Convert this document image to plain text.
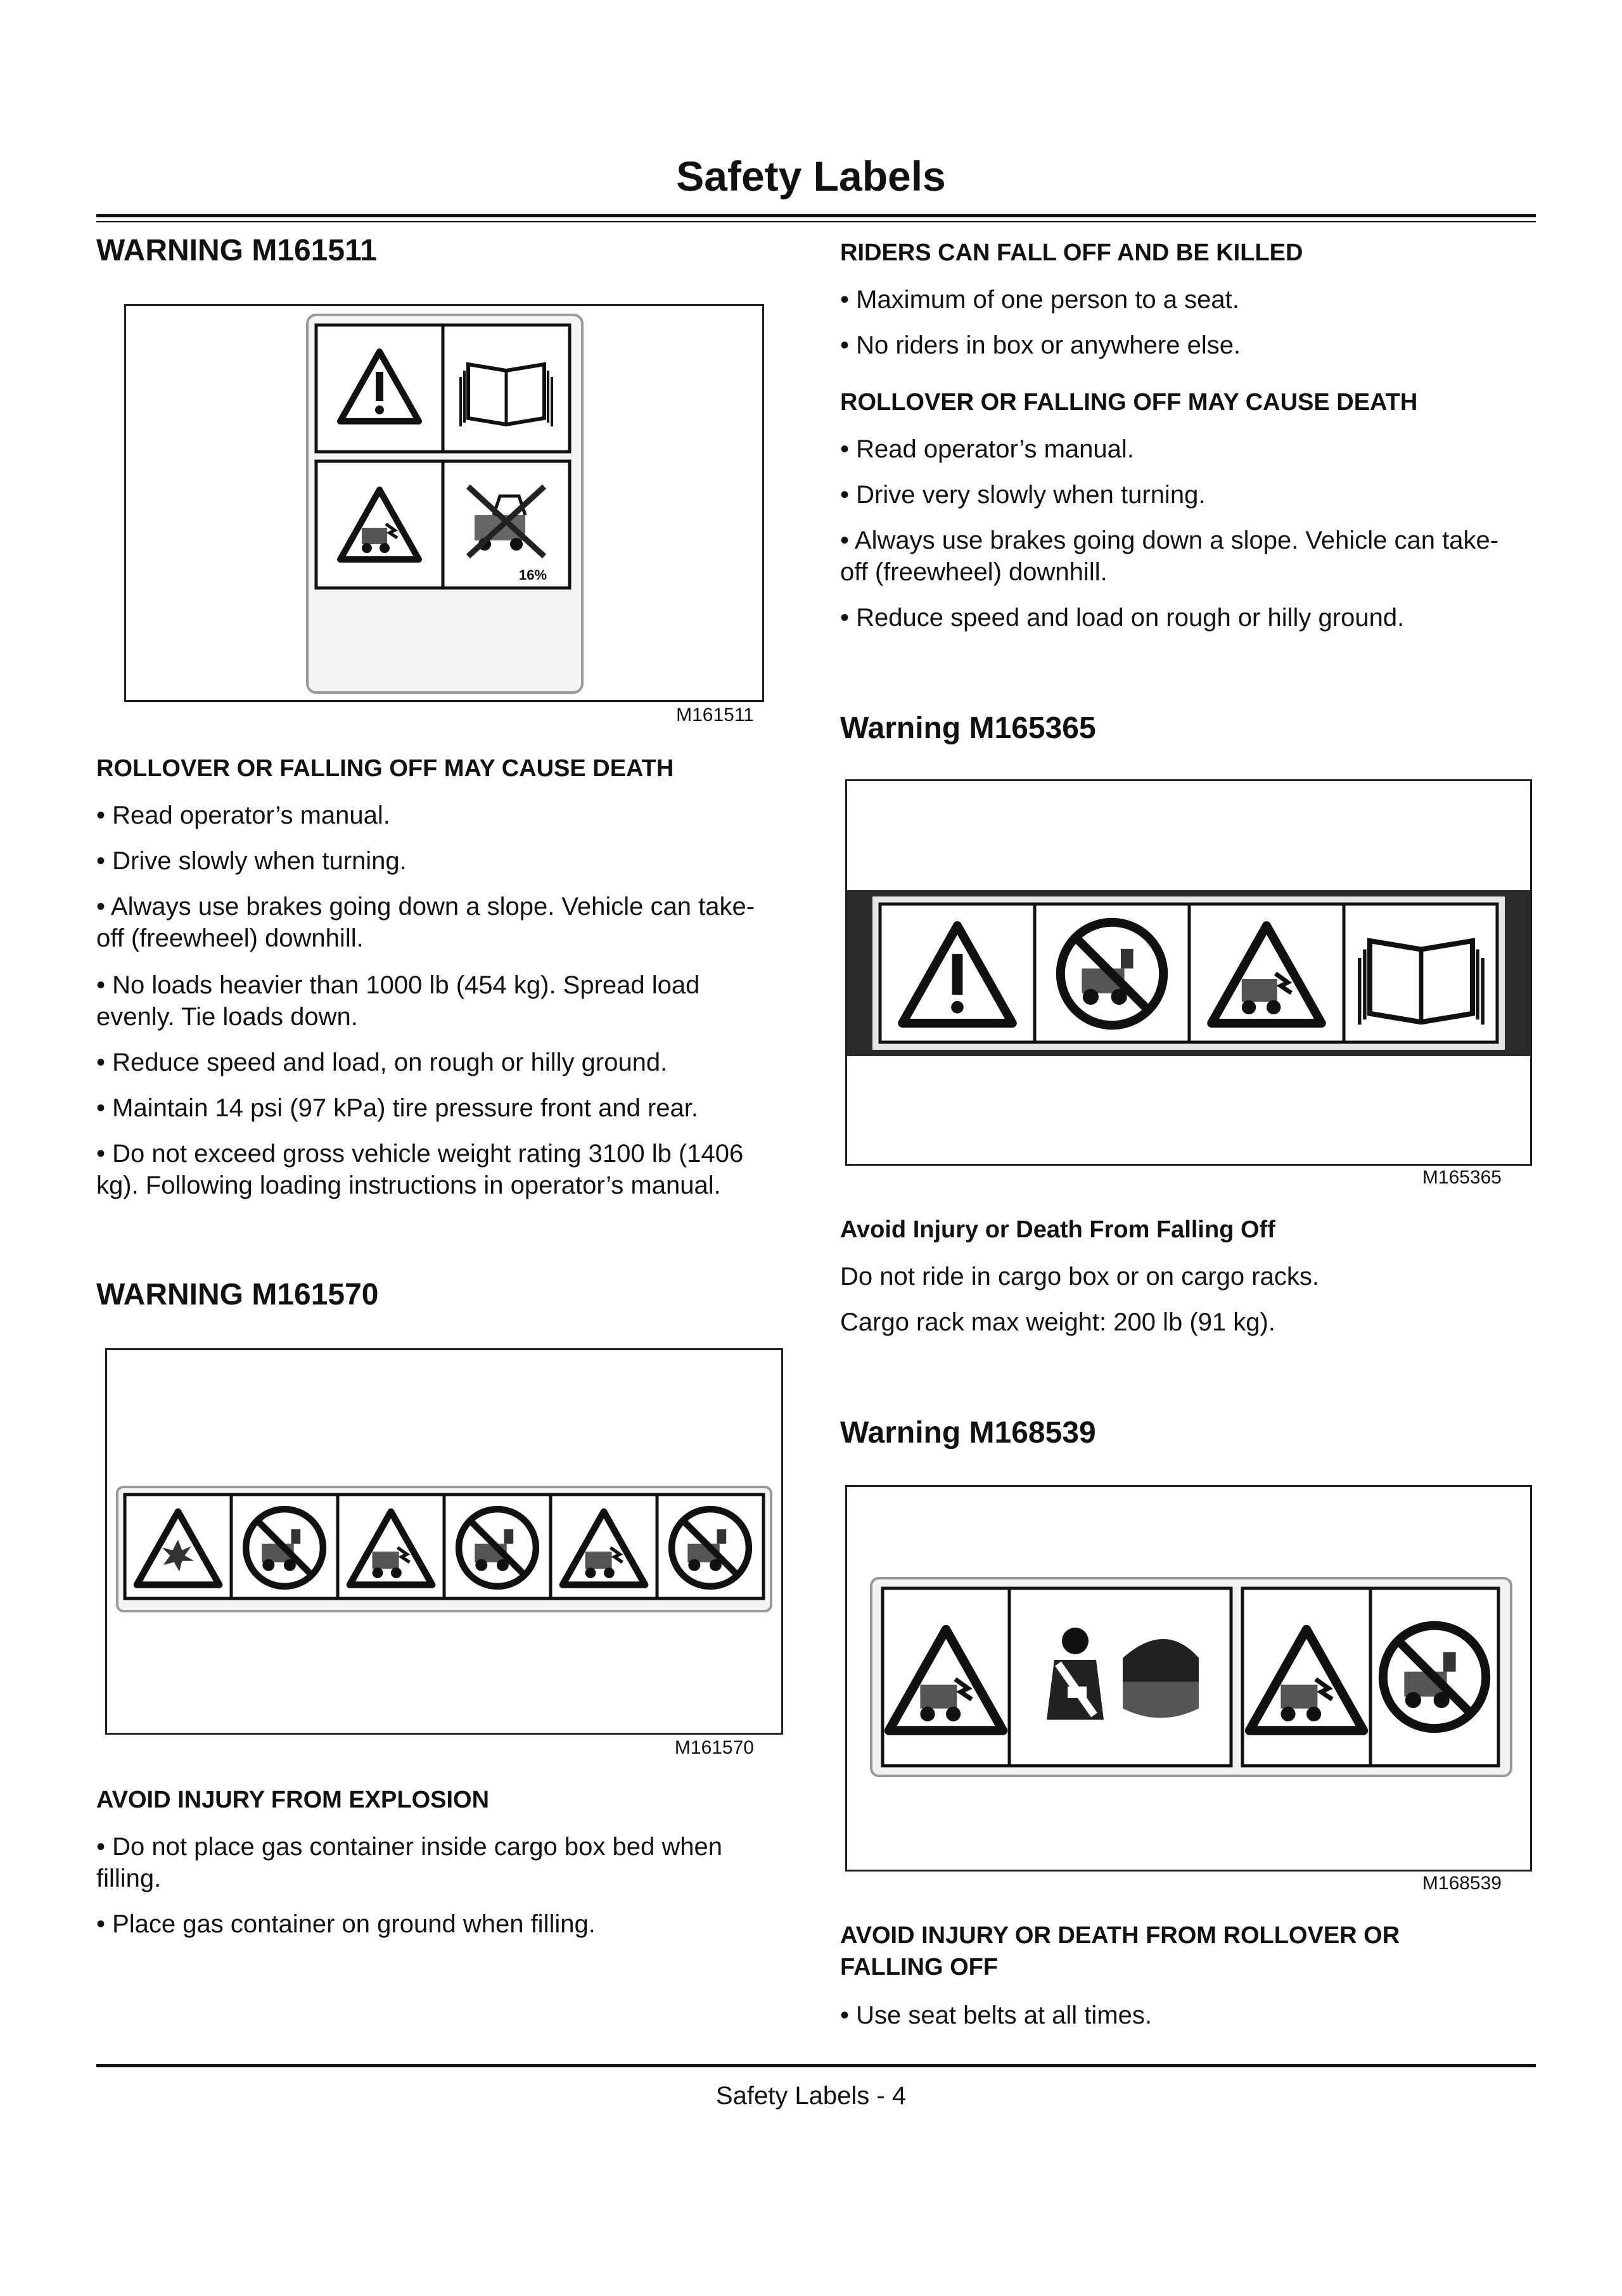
Safety Labels
WARNING M161511
16%
M161511
ROLLOVER OR FALLING OFF MAY CAUSE DEATH
• Read operator’s manual.
• Drive slowly when turning.
• Always use brakes going down a slope. Vehicle can take-
off (freewheel) downhill.
• No loads heavier than 1000 lb (454 kg). Spread load
evenly. Tie loads down.
• Reduce speed and load, on rough or hilly ground.
• Maintain 14 psi (97 kPa) tire pressure front and rear.
• Do not exceed gross vehicle weight rating 3100 lb (1406
kg). Following loading instructions in operator’s manual.
WARNING M161570
M161570
AVOID INJURY FROM EXPLOSION
• Do not place gas container inside cargo box bed when
filling.
• Place gas container on ground when filling.
RIDERS CAN FALL OFF AND BE KILLED
• Maximum of one person to a seat.
• No riders in box or anywhere else.
ROLLOVER OR FALLING OFF MAY CAUSE DEATH
• Read operator’s manual.
• Drive very slowly when turning.
• Always use brakes going down a slope. Vehicle can take-
off (freewheel) downhill.
• Reduce speed and load on rough or hilly ground.
Warning M165365
M165365
Avoid Injury or Death From Falling Off
Do not ride in cargo box or on cargo racks.
Cargo rack max weight: 200 lb (91 kg).
Warning M168539
M168539
AVOID INJURY OR DEATH FROM ROLLOVER OR
FALLING OFF
• Use seat belts at all times.
Safety Labels - 4
